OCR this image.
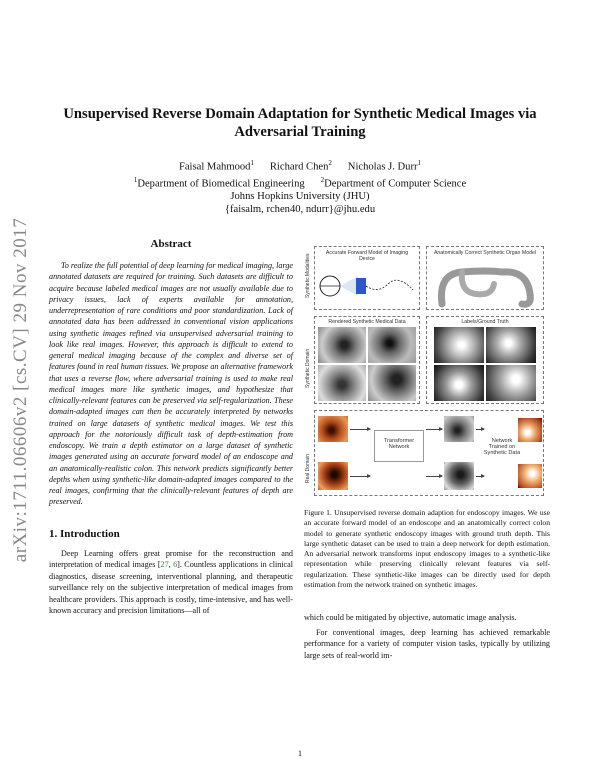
arXiv:1711.06606v2 [cs.CV] 29 Nov 2017
Unsupervised Reverse Domain Adaptation for Synthetic Medical Images via Adversarial Training
Faisal Mahmood$^1$ Richard Chen$^2$ Nicholas J. Durr$^1$
$^1$Department of Biomedical Engineering $^2$Department of Computer Science
Johns Hopkins University (JHU)
{faisalm, rchen40, ndurr}@jhu.edu
Abstract

To realize the full potential of deep learning for medical imaging, large annotated datasets are required for training. Such datasets are difficult to acquire because labeled medical images are not usually available due to privacy issues, lack of experts available for annotation, underrepresentation of rare conditions and poor standardization. Lack of annotated data has been addressed in conventional vision applications using synthetic images refined via unsupervised adversarial training to look like real images. However, this approach is difficult to extend to general medical imaging because of the complex and diverse set of features found in real human tissues. We propose an alternative framework that uses a reverse flow, where adversarial training is used to make real medical images more like synthetic images, and hypothesize that clinically-relevant features can be preserved via self-regularization. These domain-adapted images can then be accurately interpreted by networks trained on large datasets of synthetic medical images. We test this approach for the notoriously difficult task of depth-estimation from endoscopy. We train a depth estimator on a large dataset of synthetic images generated using an accurate forward model of an endoscope and an anatomically-realistic colon. This network predicts significantly better depths when using synthetic-like domain-adapted images compared to the real images, confirming that the clinically-relevant features of depth are preserved.

1. Introduction

Deep Learning offers great promise for the reconstruction and interpretation of medical images [27, 6]. Countless applications in clinical diagnostics, disease screening, interventional planning, and therapeutic surveillance rely on the subjective interpretation of medical images from healthcare providers. This approach is costly, time-intensive, and has well-known accuracy and precision limitations—all of

Synthetic Modalities
Synthetic Domain
Real Domain
Accurate Forward Model of Imaging Device
Anatomically Correct Synthetic Organ Model
Rendered Synthetic Medical Data	Labels/Ground Truth
Transformer Network
Network Trained on Synthetic Data

Figure 1. Unsupervised reverse domain adaption for endoscopy images. We use an accurate forward model of an endoscope and an anatomically correct colon model to generate synthetic endoscopy images with ground truth depth. This large synthetic dataset can be used to train a deep network for depth estimation. An adversarial network transforms input endoscopy images to a synthetic-like representation while preserving clinically relevant features via self-regularization. These synthetic-like images can be directly used for depth estimation from the network trained on synthetic images.

which could be mitigated by objective, automatic image analysis.

For conventional images, deep learning has achieved remarkable performance for a variety of computer vision tasks, typically by utilizing large sets of real-world im-

1
